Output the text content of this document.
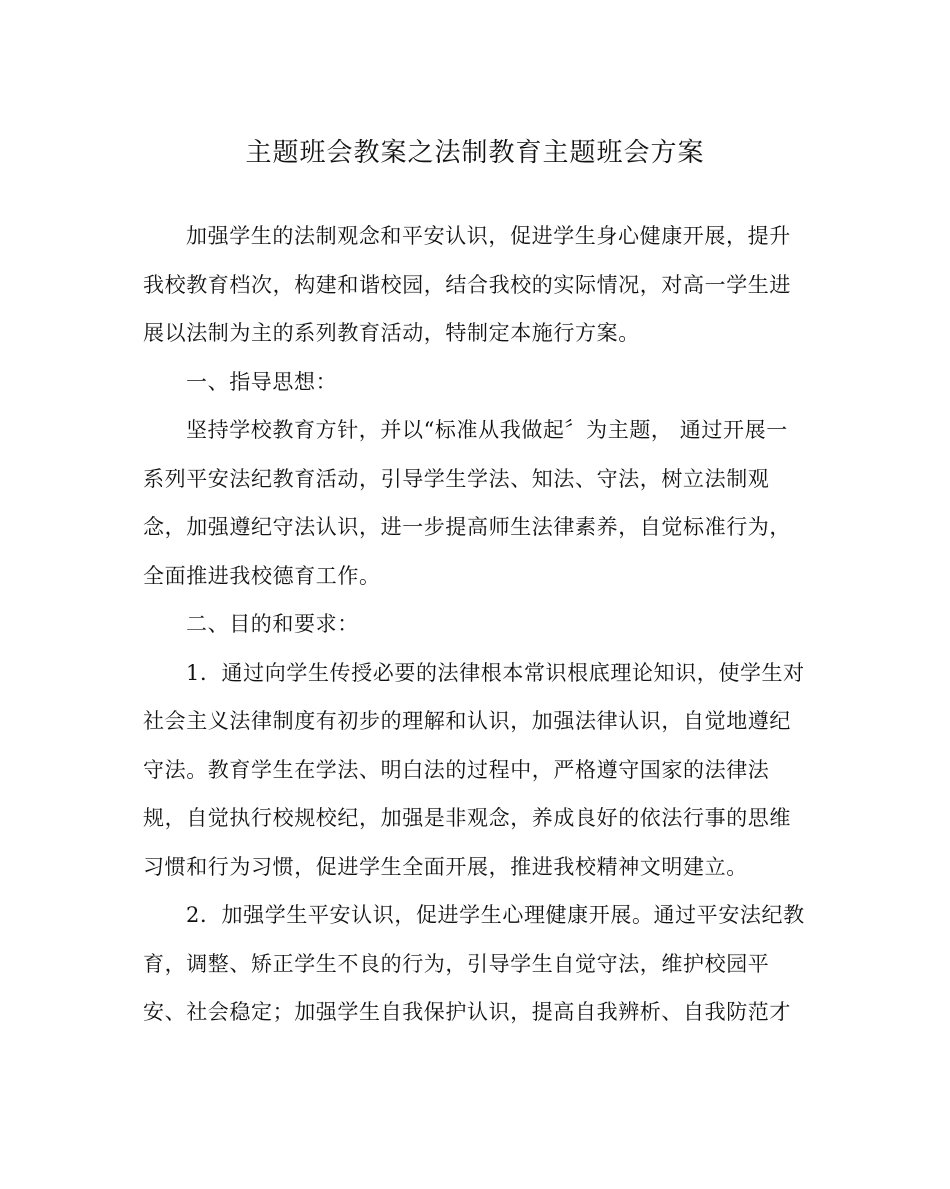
主题班会教案之法制教育主题班会方案

加强学生的法制观念和平安认识，促进学生身心健康开展，提升

我校教育档次，构建和谐校园，结合我校的实际情况，对高一学生进

展以法制为主的系列教育活动，特制定本施行方案。

一、指导思想：

坚持学校教育方针，并以“标准从我做起〞为主题， 通过开展一

系列平安法纪教育活动，引导学生学法、知法、守法，树立法制观

念，加强遵纪守法认识，进一步提高师生法律素养，自觉标准行为，

全面推进我校德育工作。

二、目的和要求：

1．通过向学生传授必要的法律根本常识根底理论知识，使学生对

社会主义法律制度有初步的理解和认识，加强法律认识，自觉地遵纪

守法。教育学生在学法、明白法的过程中，严格遵守国家的法律法

规，自觉执行校规校纪，加强是非观念，养成良好的依法行事的思维

习惯和行为习惯，促进学生全面开展，推进我校精神文明建立。

2．加强学生平安认识，促进学生心理健康开展。通过平安法纪教

育，调整、矫正学生不良的行为，引导学生自觉守法，维护校园平

安、社会稳定；加强学生自我保护认识，提高自我辨析、自我防范才
